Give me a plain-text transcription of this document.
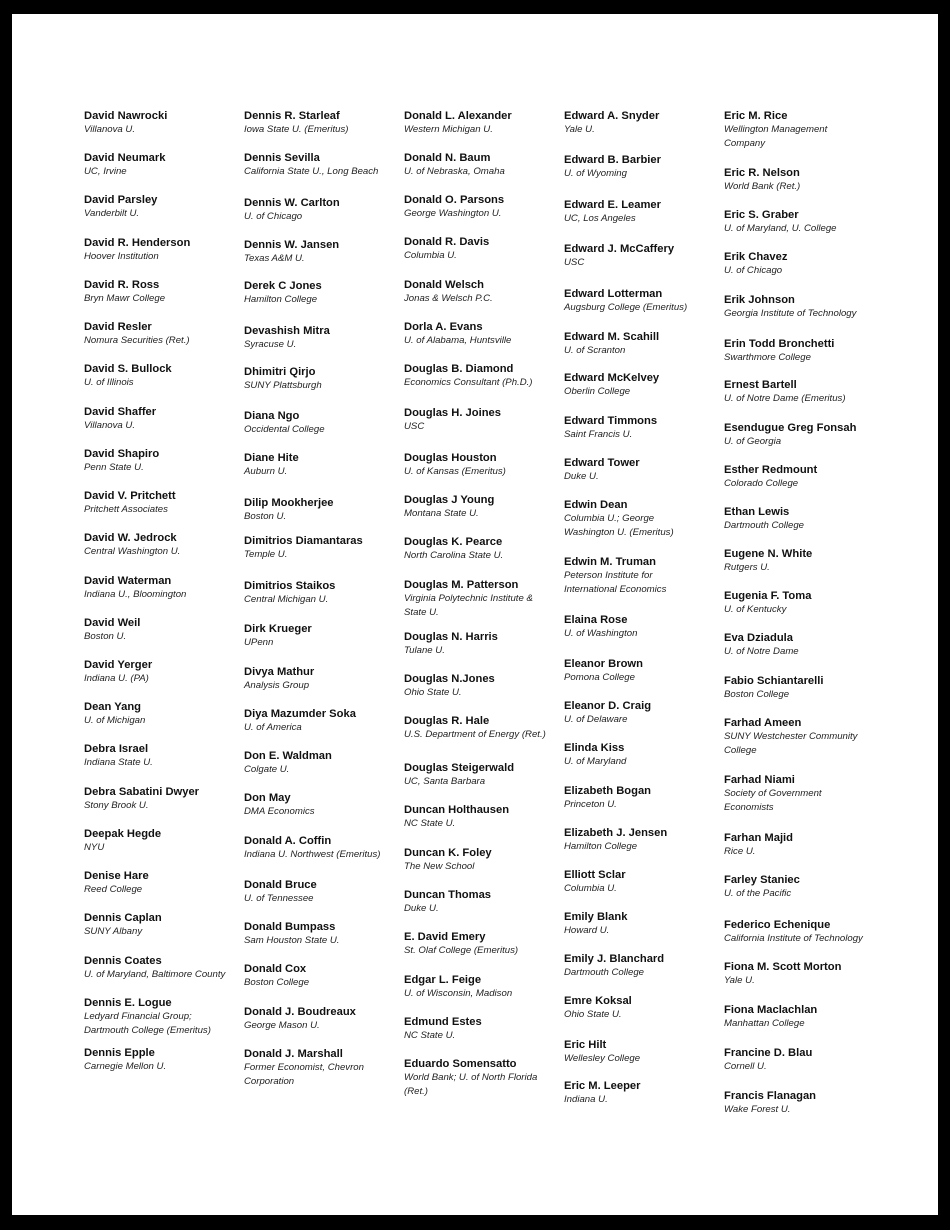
David Nawrocki
Villanova U.
David Neumark
UC, Irvine
David Parsley
Vanderbilt U.
David R. Henderson
Hoover Institution
David R. Ross
Bryn Mawr College
David Resler
Nomura Securities (Ret.)
David S. Bullock
U. of Illinois
David Shaffer
Villanova U.
David Shapiro
Penn State U.
David V. Pritchett
Pritchett Associates
David W. Jedrock
Central Washington U.
David Waterman
Indiana U., Bloomington
David Weil
Boston U.
David Yerger
Indiana U. (PA)
Dean Yang
U. of Michigan
Debra Israel
Indiana State U.
Debra Sabatini Dwyer
Stony Brook U.
Deepak Hegde
NYU
Denise Hare
Reed College
Dennis Caplan
SUNY Albany
Dennis Coates
U. of Maryland, Baltimore County
Dennis E. Logue
Ledyard Financial Group;
Dartmouth College (Emeritus)
Dennis Epple
Carnegie Mellon U.
Dennis R. Starleaf
Iowa State U. (Emeritus)
Dennis Sevilla
California State U., Long Beach
Dennis W. Carlton
U. of Chicago
Dennis W. Jansen
Texas A&M U.
Derek C Jones
Hamilton College
Devashish Mitra
Syracuse U.
Dhimitri Qirjo
SUNY Plattsburgh
Diana Ngo
Occidental College
Diane Hite
Auburn U.
Dilip Mookherjee
Boston U.
Dimitrios Diamantaras
Temple U.
Dimitrios Staikos
Central Michigan U.
Dirk Krueger
UPenn
Divya Mathur
Analysis Group
Diya Mazumder Soka
U. of America
Don E. Waldman
Colgate U.
Don May
DMA Economics
Donald A. Coffin
Indiana U. Northwest (Emeritus)
Donald Bruce
U. of Tennessee
Donald Bumpass
Sam Houston State U.
Donald Cox
Boston College
Donald J. Boudreaux
George Mason U.
Donald J. Marshall
Former Economist, Chevron
Corporation
Donald L. Alexander
Western Michigan U.
Donald N. Baum
U. of Nebraska, Omaha
Donald O. Parsons
George Washington U.
Donald R. Davis
Columbia U.
Donald Welsch
Jonas & Welsch P.C.
Dorla A. Evans
U. of Alabama, Huntsville
Douglas B. Diamond
Economics Consultant (Ph.D.)
Douglas H. Joines
USC
Douglas Houston
U. of Kansas (Emeritus)
Douglas J Young
Montana State U.
Douglas K. Pearce
North Carolina State U.
Douglas M. Patterson
Virginia Polytechnic Institute &
State U.
Douglas N. Harris
Tulane U.
Douglas N.Jones
Ohio State U.
Douglas R. Hale
U.S. Department of Energy (Ret.)
Douglas Steigerwald
UC, Santa Barbara
Duncan Holthausen
NC State U.
Duncan K. Foley
The New School
Duncan Thomas
Duke U.
E. David Emery
St. Olaf College (Emeritus)
Edgar L. Feige
U. of Wisconsin, Madison
Edmund Estes
NC State U.
Eduardo Somensatto
World Bank; U. of North Florida
(Ret.)
Edward A. Snyder
Yale U.
Edward B. Barbier
U. of Wyoming
Edward E. Leamer
UC, Los Angeles
Edward J. McCaffery
USC
Edward Lotterman
Augsburg College (Emeritus)
Edward M. Scahill
U. of Scranton
Edward McKelvey
Oberlin College
Edward Timmons
Saint Francis U.
Edward Tower
Duke U.
Edwin Dean
Columbia U.; George
Washington U. (Emeritus)
Edwin M. Truman
Peterson Institute for
International Economics
Elaina Rose
U. of Washington
Eleanor Brown
Pomona College
Eleanor D. Craig
U. of Delaware
Elinda Kiss
U. of Maryland
Elizabeth Bogan
Princeton U.
Elizabeth J. Jensen
Hamilton College
Elliott Sclar
Columbia U.
Emily Blank
Howard U.
Emily J. Blanchard
Dartmouth College
Emre Koksal
Ohio State U.
Eric Hilt
Wellesley College
Eric M. Leeper
Indiana U.
Eric M. Rice
Wellington Management
Company
Eric R. Nelson
World Bank (Ret.)
Eric S. Graber
U. of Maryland, U. College
Erik Chavez
U. of Chicago
Erik Johnson
Georgia Institute of Technology
Erin Todd Bronchetti
Swarthmore College
Ernest Bartell
U. of Notre Dame (Emeritus)
Esendugue Greg Fonsah
U. of Georgia
Esther Redmount
Colorado College
Ethan Lewis
Dartmouth College
Eugene N. White
Rutgers U.
Eugenia F. Toma
U. of Kentucky
Eva Dziadula
U. of Notre Dame
Fabio Schiantarelli
Boston College
Farhad Ameen
SUNY Westchester Community
College
Farhad Niami
Society of Government
Economists
Farhan Majid
Rice U.
Farley Staniec
U. of the Pacific
Federico Echenique
California Institute of Technology
Fiona M. Scott Morton
Yale U.
Fiona Maclachlan
Manhattan College
Francine D. Blau
Cornell U.
Francis Flanagan
Wake Forest U.
